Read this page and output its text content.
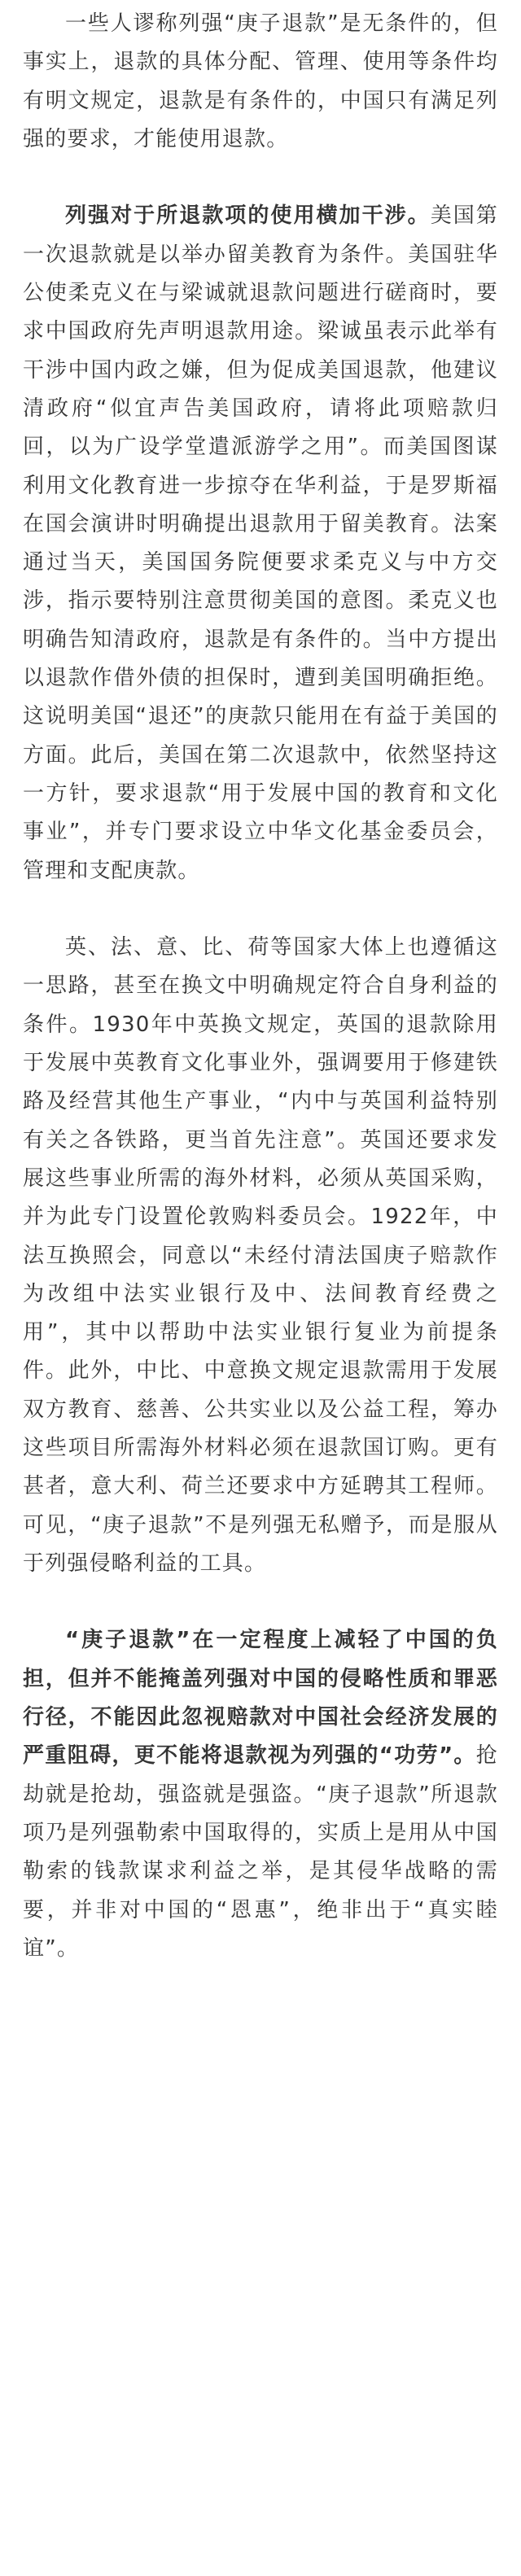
一些人谬称列强“庚子退款”是无条件的，但事实上，退款的具体分配、管理、使用等条件均有明文规定，退款是有条件的，中国只有满足列强的要求，才能使用退款。

列强对于所退款项的使用横加干涉。美国第一次退款就是以举办留美教育为条件。美国驻华公使柔克义在与梁诚就退款问题进行磋商时，要求中国政府先声明退款用途。梁诚虽表示此举有干涉中国内政之嫌，但为促成美国退款，他建议清政府“似宜声告美国政府，请将此项赔款归回，以为广设学堂遣派游学之用”。而美国图谋利用文化教育进一步掠夺在华利益，于是罗斯福在国会演讲时明确提出退款用于留美教育。法案通过当天，美国国务院便要求柔克义与中方交涉，指示要特别注意贯彻美国的意图。柔克义也明确告知清政府，退款是有条件的。当中方提出以退款作借外债的担保时，遭到美国明确拒绝。这说明美国“退还”的庚款只能用在有益于美国的方面。此后，美国在第二次退款中，依然坚持这一方针，要求退款“用于发展中国的教育和文化事业”，并专门要求设立中华文化基金委员会，管理和支配庚款。

英、法、意、比、荷等国家大体上也遵循这一思路，甚至在换文中明确规定符合自身利益的条件。1930年中英换文规定，英国的退款除用于发展中英教育文化事业外，强调要用于修建铁路及经营其他生产事业，“内中与英国利益特别有关之各铁路，更当首先注意”。英国还要求发展这些事业所需的海外材料，必须从英国采购，并为此专门设置伦敦购料委员会。1922年，中法互换照会，同意以“未经付清法国庚子赔款作为改组中法实业银行及中、法间教育经费之用”，其中以帮助中法实业银行复业为前提条件。此外，中比、中意换文规定退款需用于发展双方教育、慈善、公共实业以及公益工程，筹办这些项目所需海外材料必须在退款国订购。更有甚者，意大利、荷兰还要求中方延聘其工程师。可见，“庚子退款”不是列强无私赠予，而是服从于列强侵略利益的工具。

“庚子退款”在一定程度上减轻了中国的负担，但并不能掩盖列强对中国的侵略性质和罪恶行径，不能因此忽视赔款对中国社会经济发展的严重阻碍，更不能将退款视为列强的“功劳”。抢劫就是抢劫，强盗就是强盗。“庚子退款”所退款项乃是列强勒索中国取得的，实质上是用从中国勒索的钱款谋求利益之举，是其侵华战略的需要，并非对中国的“恩惠”，绝非出于“真实睦谊”。
